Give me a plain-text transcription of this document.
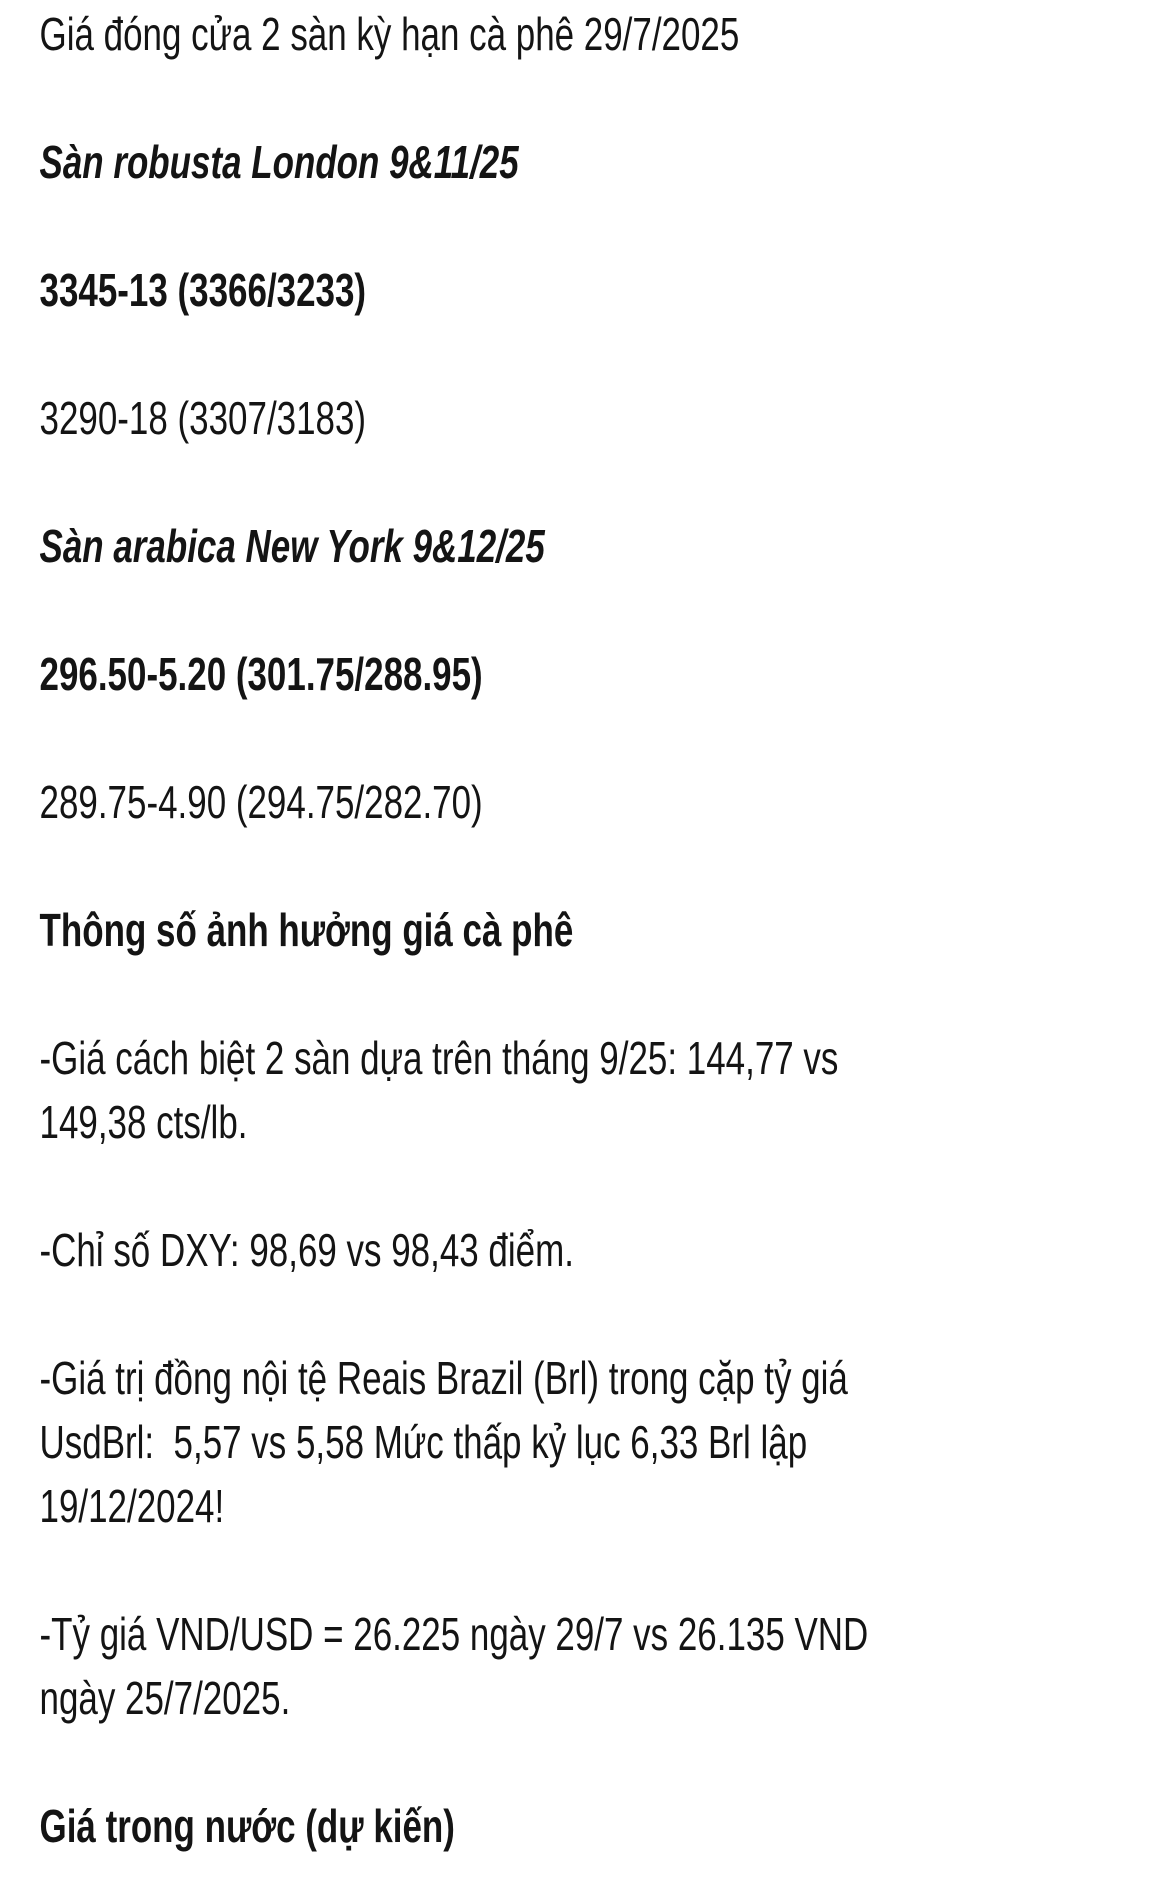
Giá đóng cửa 2 sàn kỳ hạn cà phê 29/7/2025
Sàn robusta London 9&11/25
3345-13 (3366/3233)
3290-18 (3307/3183)
Sàn arabica New York 9&12/25
296.50-5.20 (301.75/288.95)
289.75-4.90 (294.75/282.70)
Thông số ảnh hưởng giá cà phê
-Giá cách biệt 2 sàn dựa trên tháng 9/25: 144,77 vs
149,38 cts/lb.
-Chỉ số DXY: 98,69 vs 98,43 điểm.
-Giá trị đồng nội tệ Reais Brazil (Brl) trong cặp tỷ giá
UsdBrl:  5,57 vs 5,58 Mức thấp kỷ lục 6,33 Brl lập
19/12/2024!
-Tỷ giá VND/USD = 26.225 ngày 29/7 vs 26.135 VND
ngày 25/7/2025.
Giá trong nước (dự kiến)
